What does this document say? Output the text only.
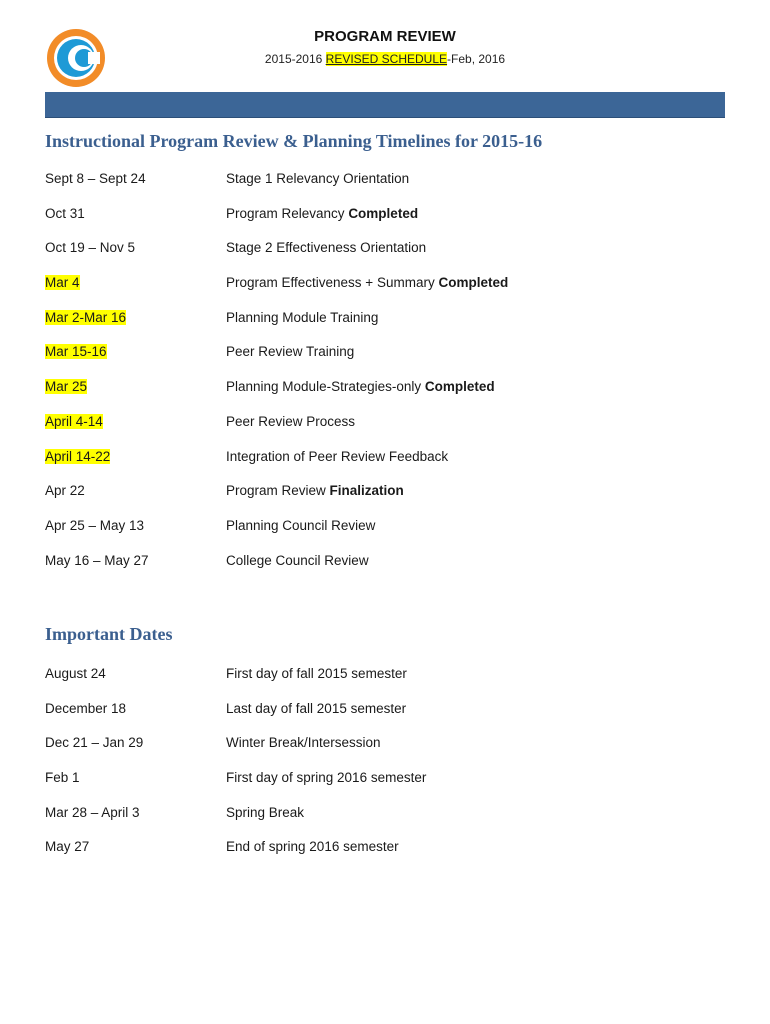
PROGRAM REVIEW
2015-2016 REVISED SCHEDULE-Feb, 2016
Instructional Program Review & Planning Timelines for 2015-16
Sept 8 – Sept 24	Stage 1 Relevancy Orientation
Oct 31	Program Relevancy Completed
Oct 19 – Nov 5	Stage 2 Effectiveness Orientation
Mar 4	Program Effectiveness + Summary Completed
Mar 2-Mar 16	Planning Module Training
Mar 15-16	Peer Review Training
Mar 25	Planning Module-Strategies-only Completed
April 4-14	Peer Review Process
April 14-22	Integration of Peer Review Feedback
Apr 22	Program Review Finalization
Apr 25 – May 13	Planning Council Review
May 16 – May 27	College Council Review
Important Dates
August 24	First day of fall 2015 semester
December 18	Last day of fall 2015 semester
Dec 21 – Jan 29	Winter Break/Intersession
Feb 1	First day of spring 2016 semester
Mar 28 – April 3	Spring Break
May 27	End of spring 2016 semester
